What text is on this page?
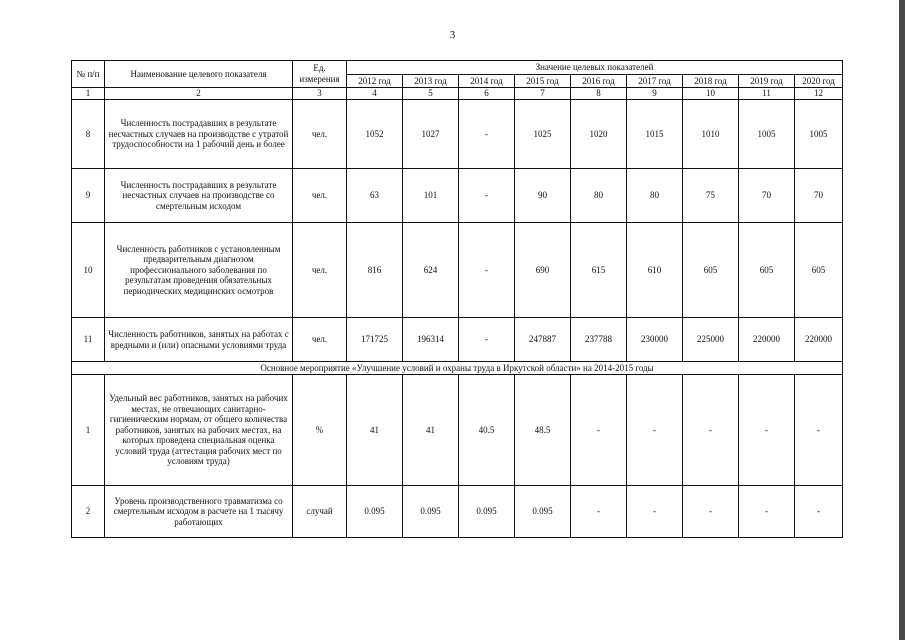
3
№ п/п	Наименование целевого показателя	Ед. измерения	Значение целевых показателей								
			2012 год	2013 год	2014 год	2015 год	2016 год	2017 год	2018 год	2019 год	2020 год
1	2	3	4	5	6	7	8	9	10	11	12
8	Численность пострадавших в результате несчастных случаев на производстве с утратой трудоспособности на 1 рабочий день и более	чел.	1052	1027	-	1025	1020	1015	1010	1005	1005
9	Численность пострадавших в результате несчастных случаев на производстве со смертельным исходом	чел.	63	101	-	90	80	80	75	70	70
10	Численность работников с установленным предварительным диагнозом профессионального заболевания по результатам проведения обязательных периодических медицинских осмотров	чел.	816	624	-	690	615	610	605	605	605
11	Численность работников, занятых на работах с вредными и (или) опасными условиями труда	чел.	171725	196314	-	247887	237788	230000	225000	220000	220000
Основное мероприятие «Улучшение условий и охраны труда в Иркутской области» на 2014-2015 годы											
1	Удельный вес работников, занятых на рабочих местах, не отвечающих санитарно-гигиеническим нормам, от общего количества работников, занятых на рабочих местах, на которых проведена специальная оценка условий труда (аттестация рабочих мест по условиям труда)	%	41	41	40.5	48.5	-	-	-	-	-
2	Уровень производственного травматизма со смертельным исходом в расчете на 1 тысячу работающих	случай	0.095	0.095	0.095	0.095	-	-	-	-	-
